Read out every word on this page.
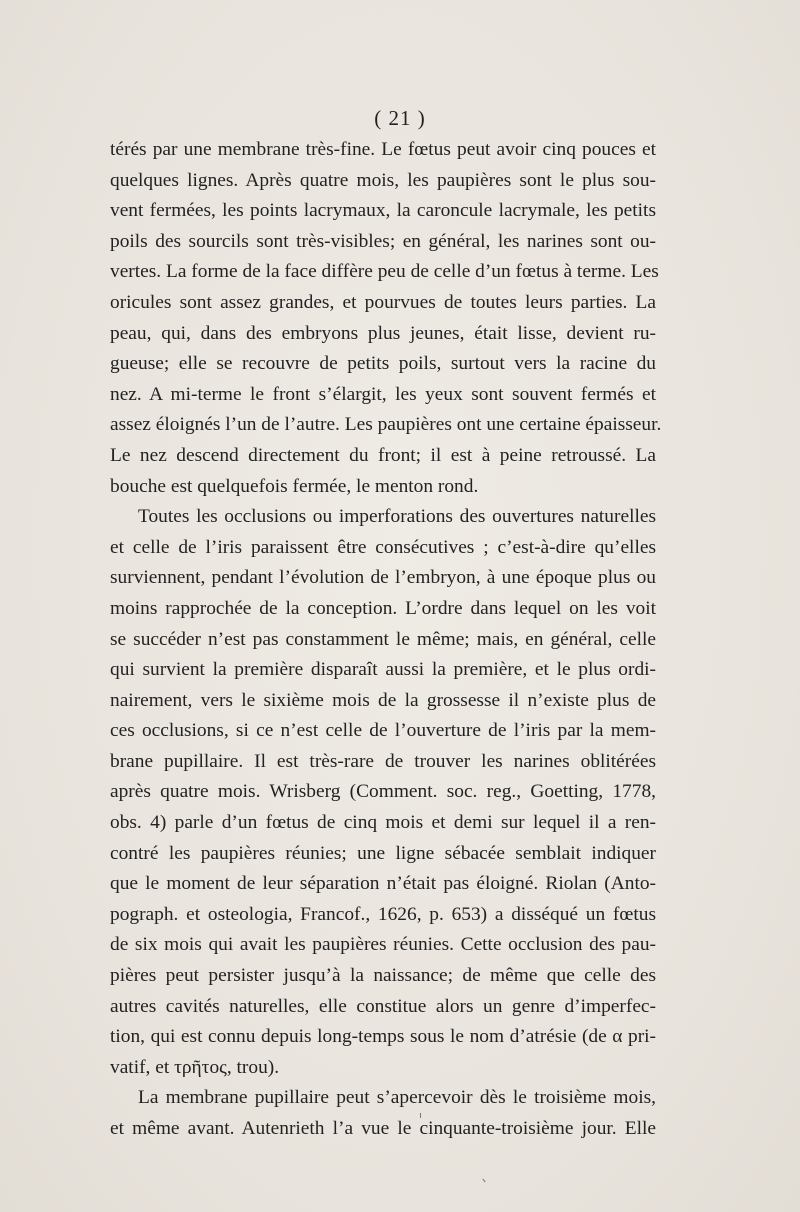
( 21 )

térés par une membrane très-fine. Le fœtus peut avoir cinq pouces et

quelques lignes. Après quatre mois, les paupières sont le plus sou-

vent fermées, les points lacrymaux, la caroncule lacrymale, les petits

poils des sourcils sont très-visibles; en général, les narines sont ou-

vertes. La forme de la face diffère peu de celle d’un fœtus à terme. Les

oricules sont assez grandes, et pourvues de toutes leurs parties. La

peau, qui, dans des embryons plus jeunes, était lisse, devient ru-

gueuse; elle se recouvre de petits poils, surtout vers la racine du

nez. A mi-terme le front s’élargit, les yeux sont souvent fermés et

assez éloignés l’un de l’autre. Les paupières ont une certaine épaisseur.

Le nez descend directement du front; il est à peine retroussé. La

bouche est quelquefois fermée, le menton rond.

Toutes les occlusions ou imperforations des ouvertures naturelles

et celle de l’iris paraissent être consécutives ; c’est-à-dire qu’elles

surviennent, pendant l’évolution de l’embryon, à une époque plus ou

moins rapprochée de la conception. L’ordre dans lequel on les voit

se succéder n’est pas constamment le même; mais, en général, celle

qui survient la première disparaît aussi la première, et le plus ordi-

nairement, vers le sixième mois de la grossesse il n’existe plus de

ces occlusions, si ce n’est celle de l’ouverture de l’iris par la mem-

brane pupillaire. Il est très-rare de trouver les narines oblitérées

après quatre mois. Wrisberg (Comment. soc. reg., Goetting, 1778,

obs. 4) parle d’un fœtus de cinq mois et demi sur lequel il a ren-

contré les paupières réunies; une ligne sébacée semblait indiquer

que le moment de leur séparation n’était pas éloigné. Riolan (Anto-

pograph. et osteologia, Francof., 1626, p. 653) a disséqué un fœtus

de six mois qui avait les paupières réunies. Cette occlusion des pau-

pières peut persister jusqu’à la naissance; de même que celle des

autres cavités naturelles, elle constitue alors un genre d’imperfec-

tion, qui est connu depuis long-temps sous le nom d’atrésie (de α pri-

vatif, et τρῆτος, trou).

La membrane pupillaire peut s’apercevoir dès le troisième mois,

et même avant. Autenrieth l’a vue le cinquante-troisième jour. Elle
